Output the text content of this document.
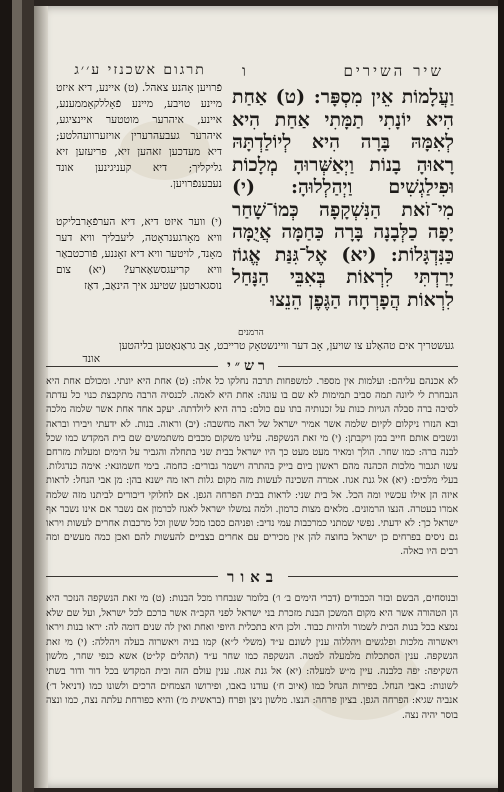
שיר השירים
ו
וַעֲלָמוֹת אֵין מִסְפָּר: (ט) אַחַת הִיא יוֹנָתִי תַמָּתִי אַחַת הִיא לְאִמָּהּ בָּרָה הִיא לְיוֹלַדְתָּהּ רָאוּהָ בָנוֹת וַיְאַשְּׁרוּהָ מְלָכוֹת וּפִילַגְשִׁים וַיְהַלְלוּהָ: (י) מִי־זֹאת הַנִּשְׁקָפָה כְּמוֹ־שָׁחַר יָפָה כַלְּבָנָה בָּרָה כַּחַמָּה אֲיֻמָּה כַּנִּדְגָּלוֹת: (יא) אֶל־גִּנַּת אֱגוֹז יָרַדְתִּי לִרְאוֹת בְּאִבֵּי הַנָּחַל לִרְאוֹת הֲפָרְחָה הַגֶּפֶן הֵנֵצוּ
הרמנים
תרגום אשכנזי ע׳׳ג

פֿרויען אָהנע צאהל. (ט) איינע, דיא איזט מיינע טויבע, מיינע פֿאָללקאָממענע, איינע, איהרער מוטטער איינציגע, איהרער געבעהרערין אויזערוועהלטע; דיא מעדכען זאהען זיא, פריעזען זיא גליקליך; דיא קעניגינען אונד נעבענפֿרויען.

(י) ווער איזט דיא, דיא הערפֿאָרבליקט וויא מאָרגענראָטה, ליעבליך וויא דער מאָנד, לויטער וויא דיא זאָננע, פֿורכטבאַר וויא קריעגסשאַארע? (יא) צום נוסגארטען שטיעג איך הינאַב, דאַז

געשטריך אים טהאַלע צו שויען, אָב דער וויינשטאָק טרייבט, אָב גראַנאַטען בליהטען
אונד	רש״י
לֹא אכנהם עליהם: ועלמות אין מספר. למשפחות תרבה נחלקו כל אלה: (ט) אחת היא יונתי. ומכולם אחת היא הנבחרת לי ליונה תמה סביב תמימות לא שם בו עונה: אחת היא לאמה. לכנסיה הרבה מתקבצת כנוי כל עדתה לסיבה ברה סבלה הגויות כנות על זכנותיה בתו עם כולם: ברה היא ליולדתה. יעקב אחד אחת אשר שלמה מלכה ובא הנזרו ניקלום לקיום שלמה אשר אמיר ישראל של ראה מחשבה: (יב) וראוה. בנות. לא ידעתי ויבירו ובראה ונשבים אותם חייב במן ויקבתן: (י) מי זאת הנשקפה. עלינו משקום מכבים משתמשים שם בית המקדש כמו שכל לבנה ברה: כמו שחר. הולך ומאיר מעט מעט כך היו ישראל בבית שני בתחלה והגביר על הימים ומעלות מזרחם עשו תגבור מלכות הכהנה מהם ראשון ביום בייק בהתרה וישמר גבורים: כחמה. בימי חשמונאי: אימה כנדגלות. בעלי מלכים: (יא) אל גנת אגוז. אמרה השכינה לעשות מזה מקום גלות ראו מה ישנא בהן: מן אבי הנחל: לראות איזה הן אילו עכשיו ומה הכל. אל בית שני: לראות בבית הפרחה הגפן. אם לחלוקי דיבורים לביתנו מזה שלמה אמרו בעטרה. הנצו הרמונים. מלאים מצות כרמון. ולמה נמשלו ישראל לאגוז לכרמון אם נשבר אם אינו נשבר אף ישראל כך: לא ידעתי. נפשי שמתני כמרכבות עמי נדיב: ופניהם כסבו מכל ששון וכל מרכבות אחרים לעשות ויראו גם ניסים בפרחים כן ישראל בחוצה להן אין מכירים עם אחרים בצביים להעשות להם ואכן כמה מעשים ומה רבים היו כאלה.
באור
ובנוסחים, הבשם ובזר הכבודים (דברי הימים ב׳ ו׳) בלומר שנבחרו מכל הבנות: (ט) מי זאת הנשקפה הנזכר היא הן הטהורה אשר היא מקום המשכן הבנת מזכרת בני ישראל לפני הקב״ה אשר ברכם לכל ישראל, ועל שם שלא נמצא בכל בנות הבית לשמור ולהיות כבוד. ולכן היא בתכלית היופי ואחת ואין לה שנים דומה לה: יראו בנות ויראו ויאשרוה מלכות ופלגשים ויהללוה ענין לשונם ע״ד (משלי ל״א) קמו בניה ויאשרוה בעלה ויהללה: (י) מי זאת הנשקפה. ענין הסתכלות מלמעלה למטה. הנשקפה כמו שחר ע״ד (תהלים קל״ט) אשא כנפי שחר, מלשון השקיפה: יפה כלבנה. עיין מ״ש למעלה: (יא) אל גנת אגוז. ענין עולם הזה ובית המקדש בכל דור ודור בשתי לשונות: באבי הנחל. בפירות הנחל כמו (איוב ח׳) עודנו באבו, ופירושו הצמחים הרכים ולשונו כמו (דניאל ד׳) אנביה שגיא: הפרחה הגפן. בציון פרחה: הנצו. מלשון ניצן ופרח (בראשית מ׳) והיא כפורחת עלתה נצה, כמו ונצה בוסר יהיה נצה.
